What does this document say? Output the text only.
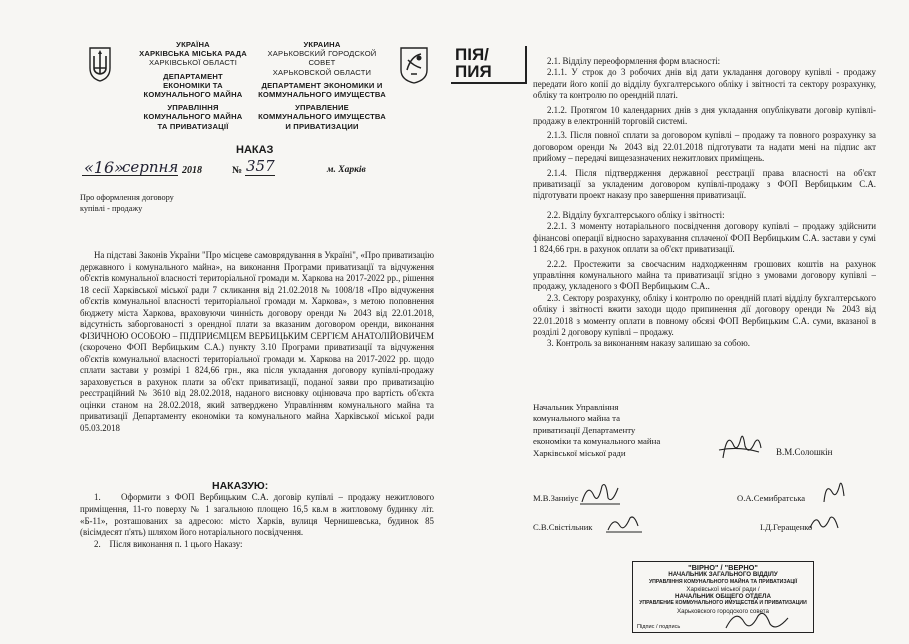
УКРАЇНА
ХАРКІВСЬКА МІСЬКА РАДА
ХАРКІВСЬКОЇ ОБЛАСТІ
ДЕПАРТАМЕНТ
ЕКОНОМІКИ ТА
КОМУНАЛЬНОГО МАЙНА
УПРАВЛІННЯ
КОМУНАЛЬНОГО МАЙНА
ТА ПРИВАТИЗАЦІЇ
УКРАИНА
ХАРЬКОВСКИЙ ГОРОДСКОЙ
СОВЕТ
ХАРЬКОВСКОЙ ОБЛАСТИ
ДЕПАРТАМЕНТ ЭКОНОМИКИ И
КОММУНАЛЬНОГО ИМУЩЕСТВА
УПРАВЛЕНИЕ
КОММУНАЛЬНОГО ИМУЩЕСТВА
И ПРИВАТИЗАЦИИ
ПІЯ/
ПИЯ
НАКАЗ
«16»
серпня 2018	№ 357	м. Харків
Про оформлення договору
купівлі - продажу

На підставі Законів України "Про місцеве самоврядування в Україні", «Про приватизацію державного і комунального майна», на виконання Програми приватизації та відчуження об'єктів комунальної власності територіальної громади м. Харкова на 2017-2022 рр., рішення 18 сесії Харківської міської ради 7 скликання від 21.02.2018 № 1008/18 «Про відчуження об'єктів комунальної власності територіальної громади м. Харкова», з метою поповнення бюджету міста Харкова, враховуючи чинність договору оренди № 2043 від 22.01.2018, відсутність заборгованості з орендної плати за вказаним договором оренди, виконання ФІЗИЧНОЮ ОСОБОЮ – ПІДПРИЄМЦЕМ ВЕРБИЦЬКИМ СЕРГІЄМ АНАТОЛІЙОВИЧЕМ (скорочено ФОП Вербицьким С.А.) пункту 3.10 Програми приватизації та відчуження об'єктів комунальної власності територіальної громади м. Харкова на 2017-2022 рр. щодо сплати застави у розмірі 1 824,66 грн., яка після укладання договору купівлі-продажу зараховується в рахунок плати за об'єкт приватизації, поданої заяви про приватизацію реєстраційний № 3610 від 28.02.2018, наданого висновку оцінювача про вартість об'єкта оцінки станом на 28.02.2018, який затверджено Управлінням комунального майна та приватизації Департаменту економіки та комунального майна Харківської міської ради 05.03.2018

НАКАЗУЮ:

1. Оформити з ФОП Вербицьким С.А. договір купівлі – продажу нежитлового приміщення, 11-го поверху № 1 загальною площею 16,5 кв.м в житловому будинку літ. «Б-11», розташованих за адресою: місто Харків, вулиця Чернишевська, будинок 85 (вісімдесят п'ять) шляхом його нотаріального посвідчення.

2. Після виконання п. 1 цього Наказу:

2.1. Відділу переоформлення форм власності:

2.1.1. У строк до 3 робочих днів від дати укладання договору купівлі - продажу передати його копії до відділу бухгалтерського обліку і звітності та сектору розрахунку, обліку та контролю по орендній платі.

2.1.2. Протягом 10 календарних днів з дня укладання опублікувати договір купівлі-продажу в електронній торговій системі.

2.1.3. Після повної сплати за договором купівлі – продажу та повного розрахунку за договором оренди № 2043 від 22.01.2018 підготувати та надати мені на підпис акт прийому – передачі вищезазначених нежитлових приміщень.

2.1.4. Після підтвердження державної реєстрації права власності на об'єкт приватизації за укладеним договором купівлі-продажу з ФОП Вербицьким С.А. підготувати проект наказу про завершення приватизації.

2.2. Відділу бухгалтерського обліку і звітності:

2.2.1. З моменту нотаріального посвідчення договору купівлі – продажу здійснити фінансові операції відносно зарахування сплаченої ФОП Вербицьким С.А. застави у сумі 1 824,66 грн. в рахунок оплати за об'єкт приватизації.

2.2.2. Простежити за своєчасним надходженням грошових коштів на рахунок управління комунального майна та приватизації згідно з умовами договору купівлі – продажу, укладеного з ФОП Вербицьким С.А..

2.3. Сектору розрахунку, обліку і контролю по орендній платі відділу бухгалтерського обліку і звітності вжити заходи щодо припинення дії договору оренди № 2043 від 22.01.2018 з моменту оплати в повному обсязі ФОП Вербицьким С.А. суми, вказаної в розділі 2 договору купівлі – продажу.

3. Контроль за виконанням наказу залишаю за собою.

Начальник Управління
комунального майна та
приватизації Департаменту
економіки та комунального майна
Харківської міської ради	В.М.Солошкін
М.В.Заниіус	О.А.Семибратська
С.В.Свістільник	І.Д.Геращенко
"ВІРНО" / "ВЕРНО"
НАЧАЛЬНИК ЗАГАЛЬНОГО ВІДДІЛУ
УПРАВЛІННЯ КОМУНАЛЬНОГО МАЙНА ТА ПРИВАТИЗАЦІЇ
Харківської міської ради /
НАЧАЛЬНИК ОБЩЕГО ОТДЕЛА
УПРАВЛЕНИЕ КОММУНАЛЬНОГО ИМУЩЕСТВА И ПРИВАТИЗАЦИИ
Харьковского городского совета
Підпис / подпись
